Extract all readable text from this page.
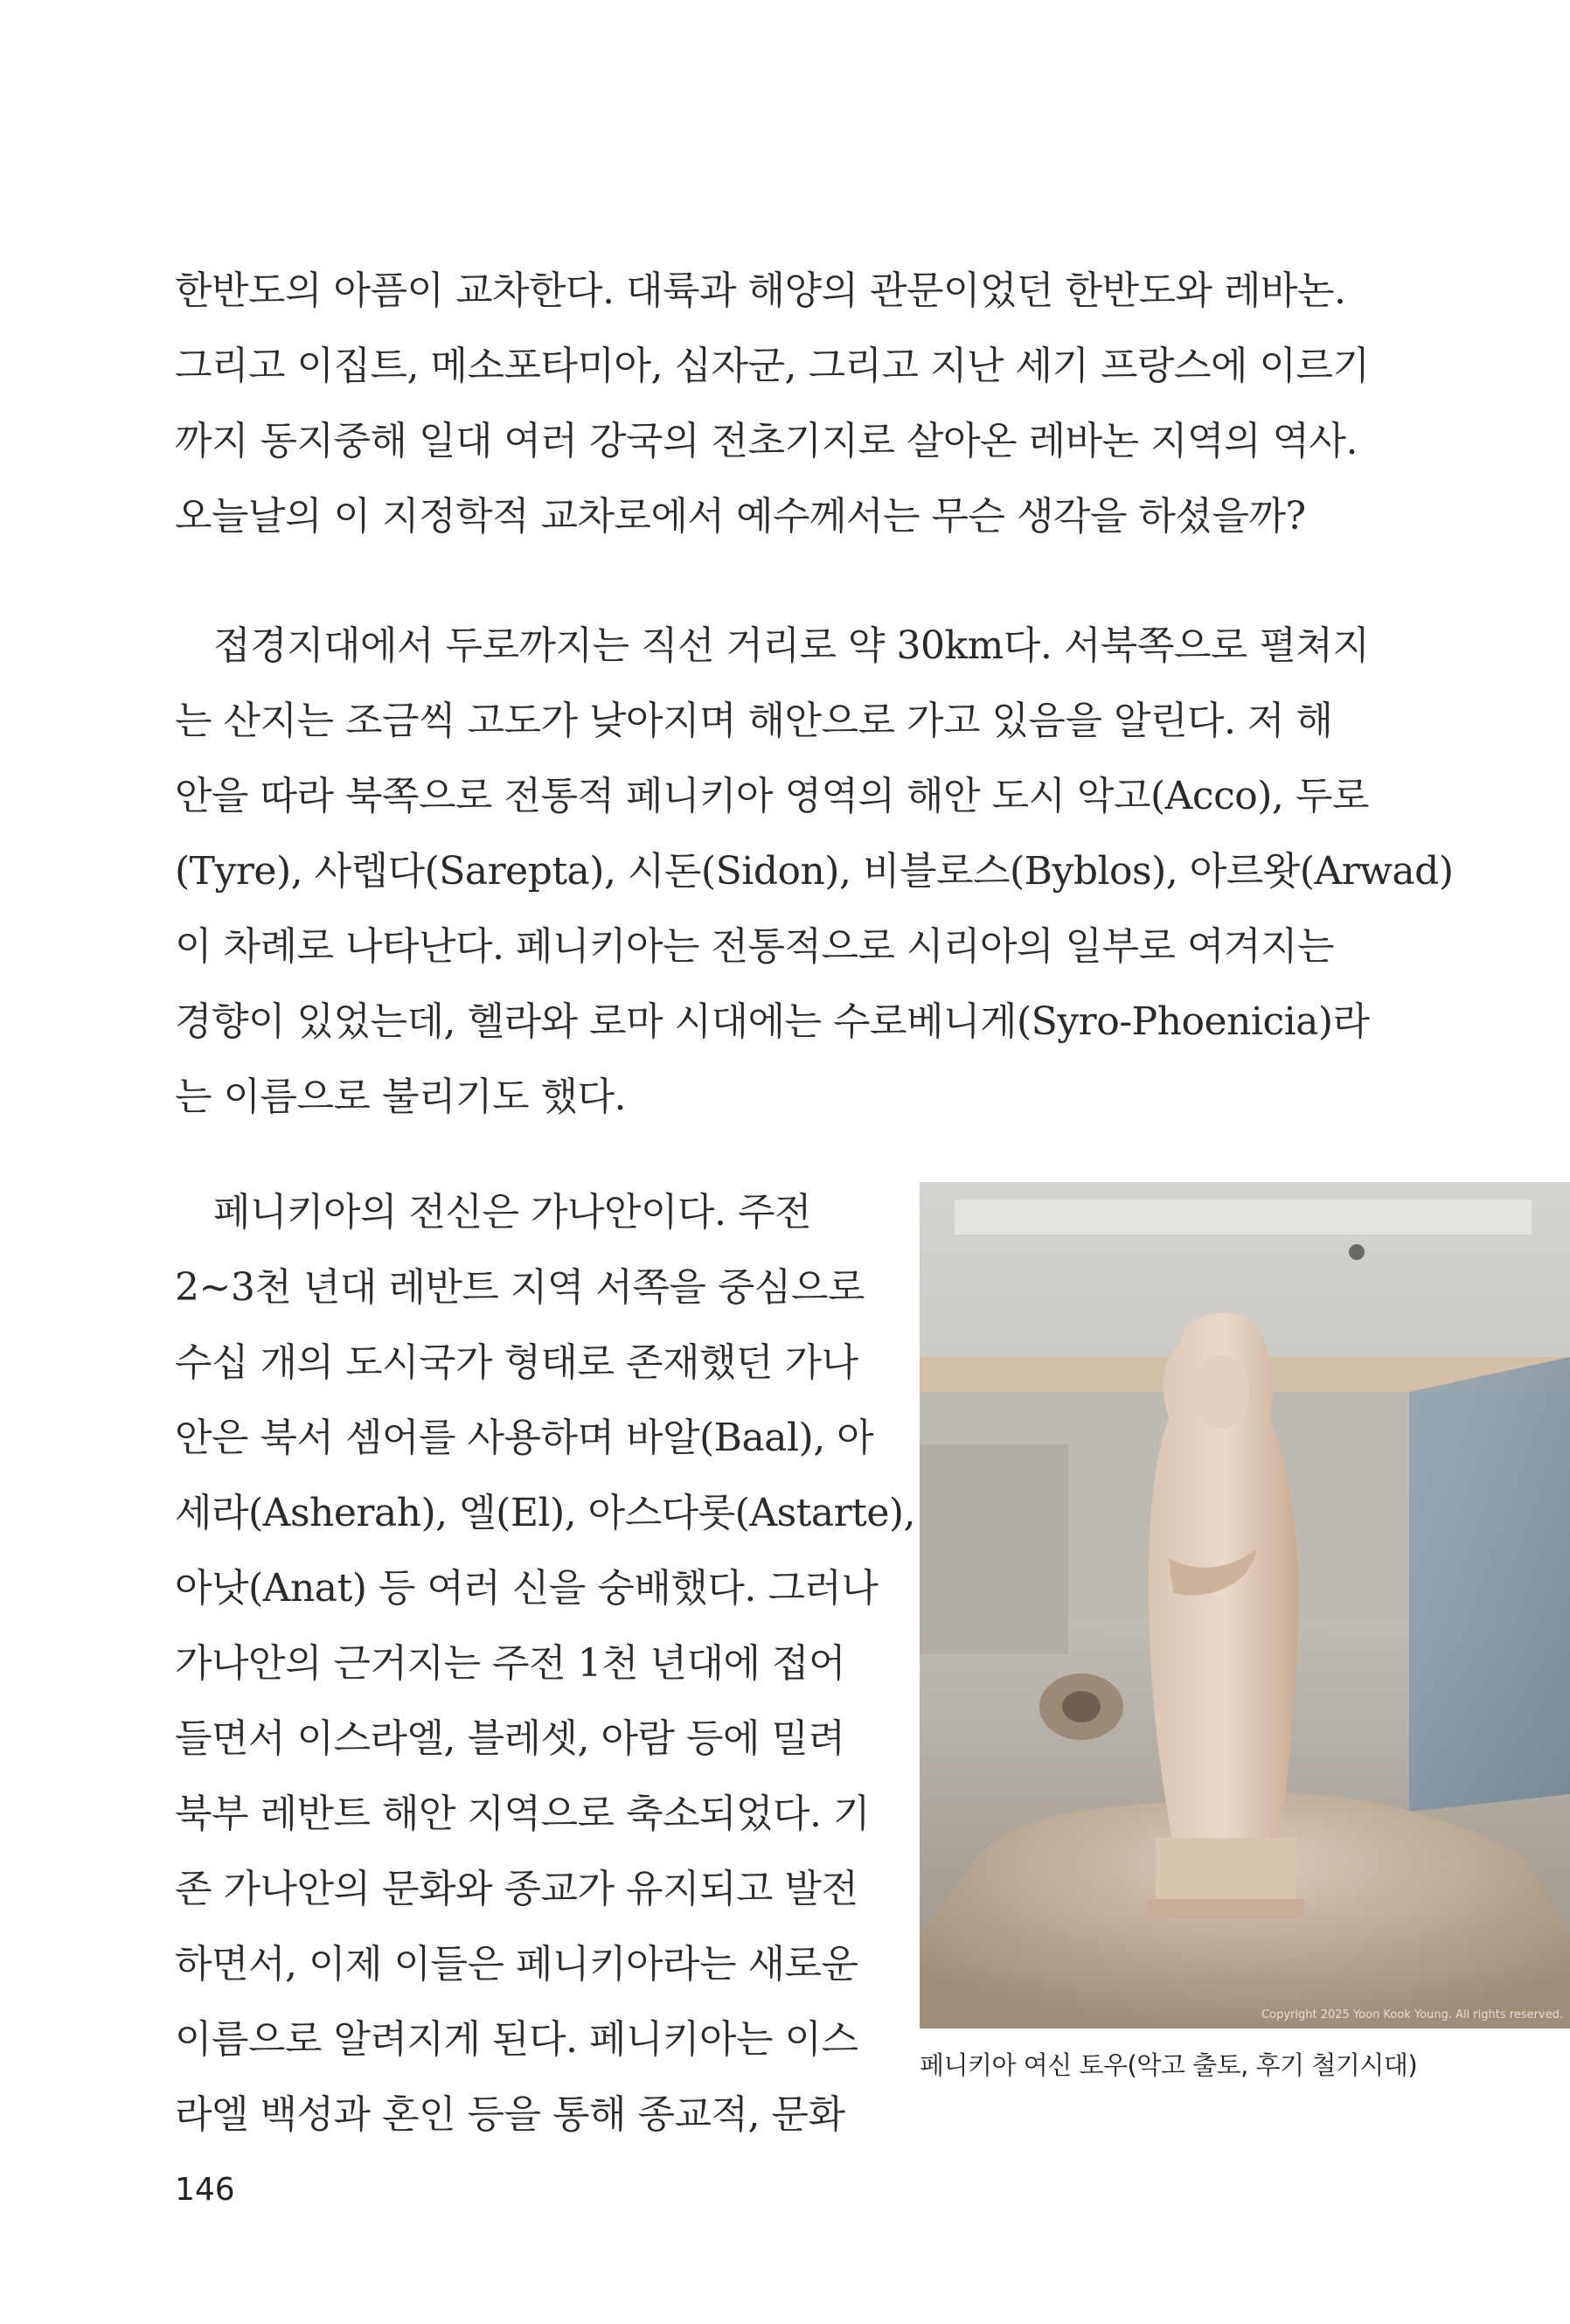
한반도의 아픔이 교차한다. 대륙과 해양의 관문이었던 한반도와 레바논.
그리고 이집트, 메소포타미아, 십자군, 그리고 지난 세기 프랑스에 이르기
까지 동지중해 일대 여러 강국의 전초기지로 살아온 레바논 지역의 역사.
오늘날의 이 지정학적 교차로에서 예수께서는 무슨 생각을 하셨을까?
접경지대에서 두로까지는 직선 거리로 약 30km다. 서북쪽으로 펼쳐지
는 산지는 조금씩 고도가 낮아지며 해안으로 가고 있음을 알린다. 저 해
안을 따라 북쪽으로 전통적 페니키아 영역의 해안 도시 악고(Acco), 두로
(Tyre), 사렙다(Sarepta), 시돈(Sidon), 비블로스(Byblos), 아르왓(Arwad)
이 차례로 나타난다. 페니키아는 전통적으로 시리아의 일부로 여겨지는
경향이 있었는데, 헬라와 로마 시대에는 수로베니게(Syro-Phoenicia)라
는 이름으로 불리기도 했다.
페니키아의 전신은 가나안이다. 주전
2~3천 년대 레반트 지역 서쪽을 중심으로
수십 개의 도시국가 형태로 존재했던 가나
안은 북서 셈어를 사용하며 바알(Baal), 아
세라(Asherah), 엘(El), 아스다롯(Astarte),
아낫(Anat) 등 여러 신을 숭배했다. 그러나
가나안의 근거지는 주전 1천 년대에 접어
들면서 이스라엘, 블레셋, 아람 등에 밀려
북부 레반트 해안 지역으로 축소되었다. 기
존 가나안의 문화와 종교가 유지되고 발전
하면서, 이제 이들은 페니키아라는 새로운
이름으로 알려지게 된다. 페니키아는 이스
라엘 백성과 혼인 등을 통해 종교적, 문화
Copyright 2025 Yoon Kook Young. All rights reserved.
페니키아 여신 토우(악고 출토, 후기 철기시대)
146
